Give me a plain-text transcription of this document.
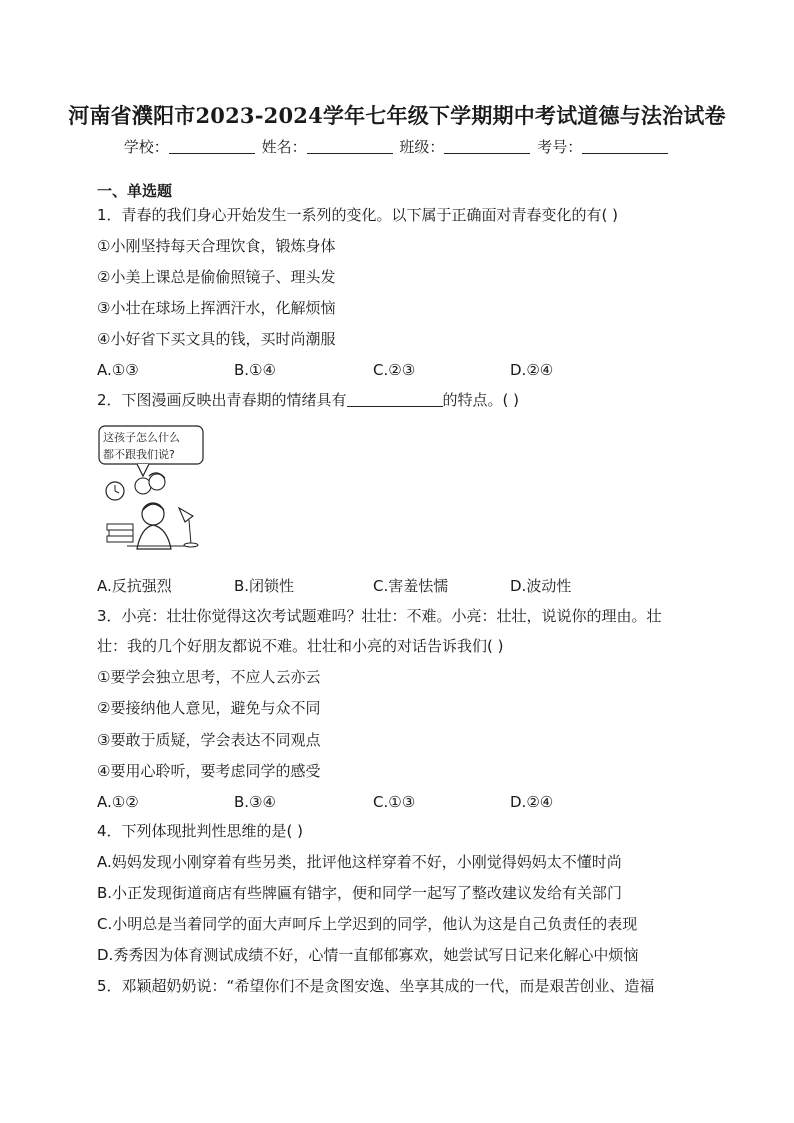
河南省濮阳市2023-2024学年七年级下学期期中考试道德与法治试卷
学校：	姓名：	班级：	考号：
一、单选题
1．青春的我们身心开始发生一系列的变化。以下属于正确面对青春变化的有( )
①小刚坚持每天合理饮食，锻炼身体
②小美上课总是偷偷照镜子、理头发
③小壮在球场上挥洒汗水，化解烦恼
④小好省下买文具的钱，买时尚潮服
A.①③	B.①④	C.②③	D.②④
2．下图漫画反映出青春期的情绪具有	的特点。( )
这孩子怎么什么
都不跟我们说?
A.反抗强烈	B.闭锁性	C.害羞怯懦	D.波动性
3．小亮：壮壮你觉得这次考试题难吗？壮壮：不难。小亮：壮壮，说说你的理由。壮
壮：我的几个好朋友都说不难。壮壮和小亮的对话告诉我们( )
①要学会独立思考，不应人云亦云
②要接纳他人意见，避免与众不同
③要敢于质疑，学会表达不同观点
④要用心聆听，要考虑同学的感受
A.①②	B.③④	C.①③	D.②④
4．下列体现批判性思维的是( )
A.妈妈发现小刚穿着有些另类，批评他这样穿着不好，小刚觉得妈妈太不懂时尚
B.小正发现街道商店有些牌匾有错字，便和同学一起写了整改建议发给有关部门
C.小明总是当着同学的面大声呵斥上学迟到的同学，他认为这是自己负责任的表现
D.秀秀因为体育测试成绩不好，心情一直郁郁寡欢，她尝试写日记来化解心中烦恼
5．邓颖超奶奶说：“希望你们不是贪图安逸、坐享其成的一代，而是艰苦创业、造福
